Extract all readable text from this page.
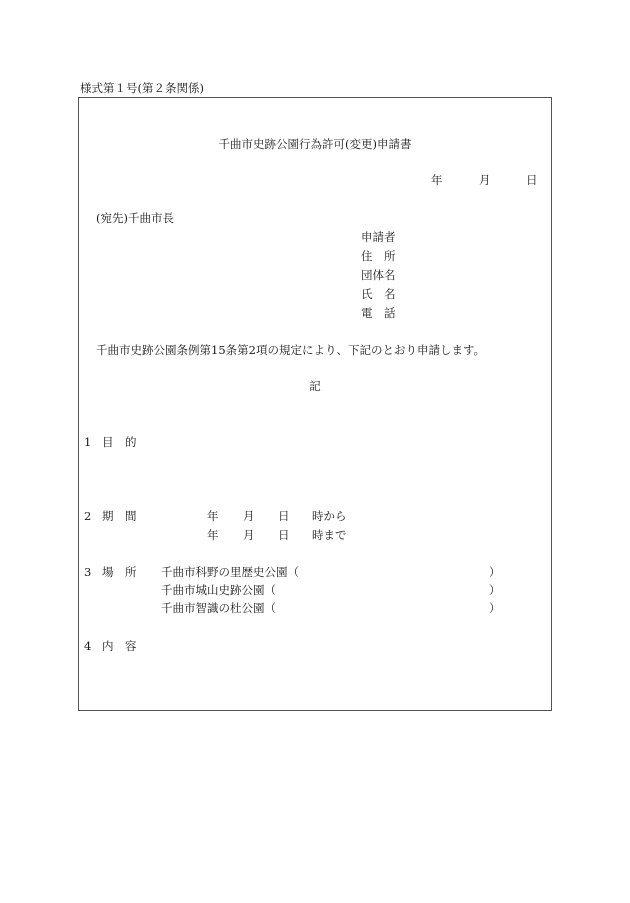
様式第１号(第２条関係)
千曲市史跡公園行為許可(変更)申請書
年	月	日
(宛先)千曲市長
申請者
住　所
団体名
氏　名
電　話
千曲市史跡公園条例第15条第2項の規定により、下記のとおり申請します。
記
1 目　的
2 期　間	年 月 日 時から
年 月 日 時まで
3 場　所 千曲市科野の里歴史公園（	）
千曲市城山史跡公園（	）
千曲市智識の杜公園（	）
4 内　容
